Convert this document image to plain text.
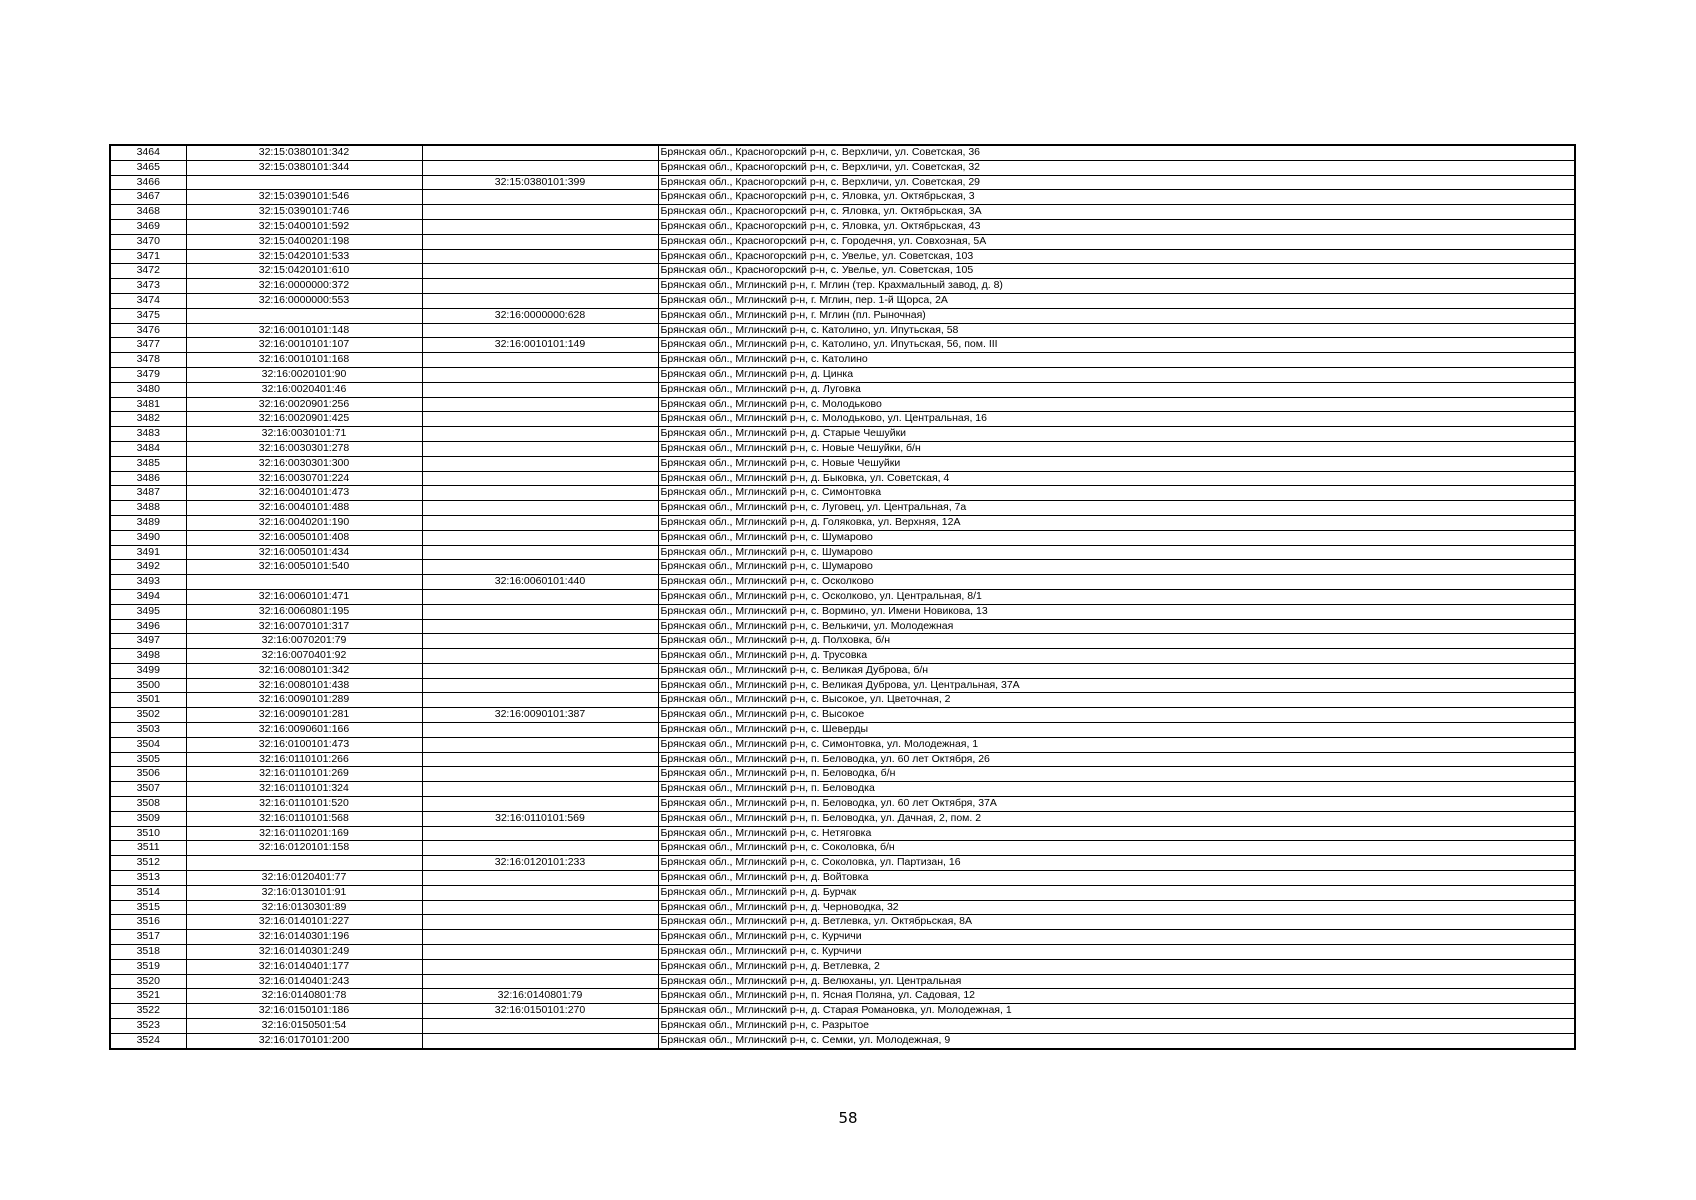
3464	32:15:0380101:342		Брянская обл., Красногорский р-н, с. Верхличи, ул. Советская, 36
3465	32:15:0380101:344		Брянская обл., Красногорский р-н, с. Верхличи, ул. Советская, 32
3466		32:15:0380101:399	Брянская обл., Красногорский р-н, с. Верхличи, ул. Советская, 29
3467	32:15:0390101:546		Брянская обл., Красногорский р-н, с. Яловка, ул. Октябрьская, 3
3468	32:15:0390101:746		Брянская обл., Красногорский р-н, с. Яловка, ул. Октябрьская, 3А
3469	32:15:0400101:592		Брянская обл., Красногорский р-н, с. Яловка, ул. Октябрьская, 43
3470	32:15:0400201:198		Брянская обл., Красногорский р-н, с. Городечня, ул. Совхозная, 5А
3471	32:15:0420101:533		Брянская обл., Красногорский р-н, с. Увелье, ул. Советская, 103
3472	32:15:0420101:610		Брянская обл., Красногорский р-н, с. Увелье, ул. Советская, 105
3473	32:16:0000000:372		Брянская обл., Мглинский р-н, г. Мглин (тер. Крахмальный завод, д. 8)
3474	32:16:0000000:553		Брянская обл., Мглинский р-н, г. Мглин, пер. 1-й Щорса, 2А
3475		32:16:0000000:628	Брянская обл., Мглинский р-н, г. Мглин (пл. Рыночная)
3476	32:16:0010101:148		Брянская обл., Мглинский р-н, с. Католино, ул. Ипутьская, 58
3477	32:16:0010101:107	32:16:0010101:149	Брянская обл., Мглинский р-н, с. Католино, ул. Ипутьская, 56, пом. III
3478	32:16:0010101:168		Брянская обл., Мглинский р-н, с. Католино
3479	32:16:0020101:90		Брянская обл., Мглинский р-н, д. Цинка
3480	32:16:0020401:46		Брянская обл., Мглинский р-н, д. Луговка
3481	32:16:0020901:256		Брянская обл., Мглинский р-н, с. Молодьково
3482	32:16:0020901:425		Брянская обл., Мглинский р-н, с. Молодьково, ул. Центральная, 16
3483	32:16:0030101:71		Брянская обл., Мглинский р-н, д. Старые Чешуйки
3484	32:16:0030301:278		Брянская обл., Мглинский р-н, с. Новые Чешуйки, б/н
3485	32:16:0030301:300		Брянская обл., Мглинский р-н, с. Новые Чешуйки
3486	32:16:0030701:224		Брянская обл., Мглинский р-н, д. Быковка, ул. Советская, 4
3487	32:16:0040101:473		Брянская обл., Мглинский р-н, с. Симонтовка
3488	32:16:0040101:488		Брянская обл., Мглинский р-н, с. Луговец, ул. Центральная, 7а
3489	32:16:0040201:190		Брянская обл., Мглинский р-н, д. Голяковка, ул. Верхняя, 12А
3490	32:16:0050101:408		Брянская обл., Мглинский р-н, с. Шумарово
3491	32:16:0050101:434		Брянская обл., Мглинский р-н, с. Шумарово
3492	32:16:0050101:540		Брянская обл., Мглинский р-н, с. Шумарово
3493		32:16:0060101:440	Брянская обл., Мглинский р-н, с. Осколково
3494	32:16:0060101:471		Брянская обл., Мглинский р-н, с. Осколково, ул. Центральная, 8/1
3495	32:16:0060801:195		Брянская обл., Мглинский р-н, с. Вормино, ул. Имени Новикова, 13
3496	32:16:0070101:317		Брянская обл., Мглинский р-н, с. Велькичи, ул. Молодежная
3497	32:16:0070201:79		Брянская обл., Мглинский р-н, д. Полховка, б/н
3498	32:16:0070401:92		Брянская обл., Мглинский р-н, д. Трусовка
3499	32:16:0080101:342		Брянская обл., Мглинский р-н, с. Великая Дуброва, б/н
3500	32:16:0080101:438		Брянская обл., Мглинский р-н, с. Великая Дуброва, ул. Центральная, 37А
3501	32:16:0090101:289		Брянская обл., Мглинский р-н, с. Высокое, ул. Цветочная, 2
3502	32:16:0090101:281	32:16:0090101:387	Брянская обл., Мглинский р-н, с. Высокое
3503	32:16:0090601:166		Брянская обл., Мглинский р-н, с. Шеверды
3504	32:16:0100101:473		Брянская обл., Мглинский р-н, с. Симонтовка, ул. Молодежная, 1
3505	32:16:0110101:266		Брянская обл., Мглинский р-н, п. Беловодка, ул. 60 лет Октября, 26
3506	32:16:0110101:269		Брянская обл., Мглинский р-н, п. Беловодка, б/н
3507	32:16:0110101:324		Брянская обл., Мглинский р-н, п. Беловодка
3508	32:16:0110101:520		Брянская обл., Мглинский р-н, п. Беловодка, ул. 60 лет Октября, 37А
3509	32:16:0110101:568	32:16:0110101:569	Брянская обл., Мглинский р-н, п. Беловодка, ул. Дачная, 2, пом. 2
3510	32:16:0110201:169		Брянская обл., Мглинский р-н, с. Нетяговка
3511	32:16:0120101:158		Брянская обл., Мглинский р-н, с. Соколовка, б/н
3512		32:16:0120101:233	Брянская обл., Мглинский р-н, с. Соколовка, ул. Партизан, 16
3513	32:16:0120401:77		Брянская обл., Мглинский р-н, д. Войтовка
3514	32:16:0130101:91		Брянская обл., Мглинский р-н, д. Бурчак
3515	32:16:0130301:89		Брянская обл., Мглинский р-н, д. Черноводка, 32
3516	32:16:0140101:227		Брянская обл., Мглинский р-н, д. Ветлевка, ул. Октябрьская, 8А
3517	32:16:0140301:196		Брянская обл., Мглинский р-н, с. Курчичи
3518	32:16:0140301:249		Брянская обл., Мглинский р-н, с. Курчичи
3519	32:16:0140401:177		Брянская обл., Мглинский р-н, д. Ветлевка, 2
3520	32:16:0140401:243		Брянская обл., Мглинский р-н, д. Велюханы, ул. Центральная
3521	32:16:0140801:78	32:16:0140801:79	Брянская обл., Мглинский р-н, п. Ясная Поляна, ул. Садовая, 12
3522	32:16:0150101:186	32:16:0150101:270	Брянская обл., Мглинский р-н, д. Старая Романовка, ул. Молодежная, 1
3523	32:16:0150501:54		Брянская обл., Мглинский р-н, с. Разрытое
3524	32:16:0170101:200		Брянская обл., Мглинский р-н, с. Семки, ул. Молодежная, 9
58
